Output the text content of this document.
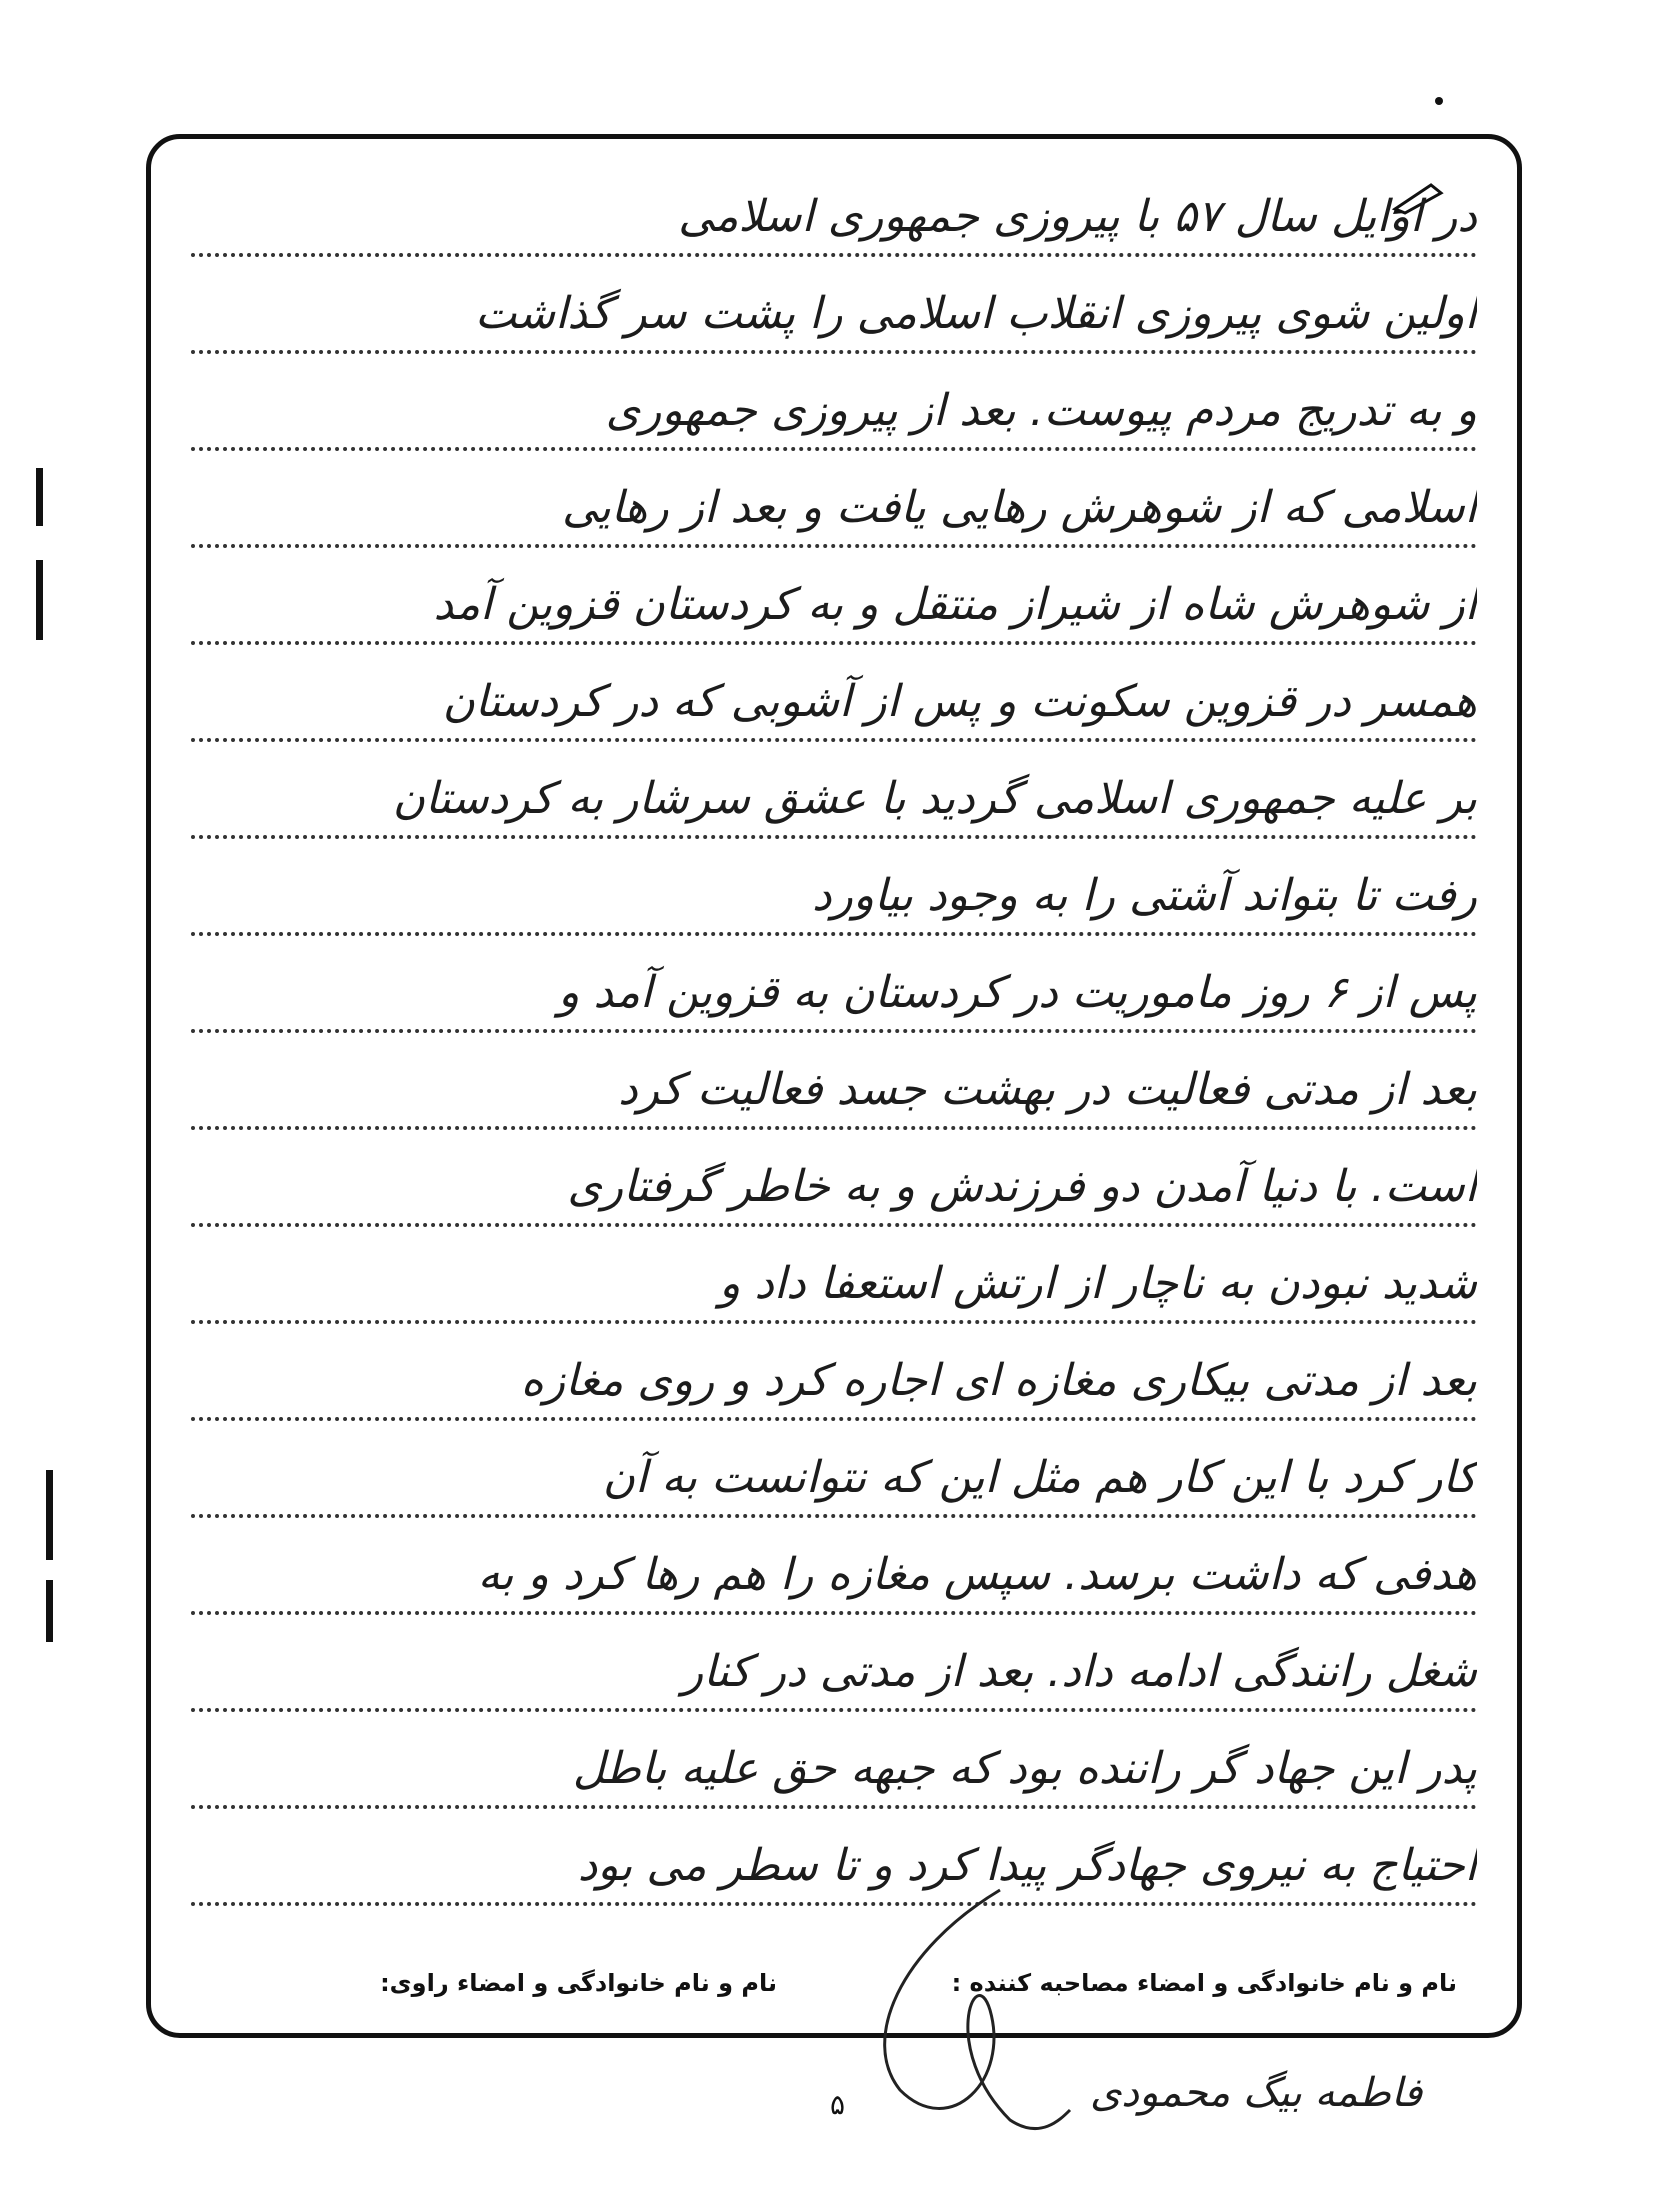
در اوایل سال ۵۷ با پیروزی جمهوری اسلامی
اولین شوی پیروزی انقلاب اسلامی را پشت سر گذاشت
و به تدریج مردم پیوست. بعد از پیروزی جمهوری
اسلامی که از شوهرش رهایی یافت و بعد از رهایی
از شوهرش شاه از شیراز منتقل و به کردستان قزوین آمد
همسر در قزوین سکونت و پس از آشوبی که در کردستان
بر علیه جمهوری اسلامی گردید با عشق سرشار به کردستان
رفت تا بتواند آشتی را به وجود بیاورد
پس از ۶ روز ماموریت در کردستان به قزوین آمد و
بعد از مدتی فعالیت در بهشت جسد فعالیت کرد
است. با دنیا آمدن دو فرزندش و به خاطر گرفتاری
شدید نبودن به ناچار از ارتش استعفا داد و
بعد از مدتی بیکاری مغازه ای اجاره کرد و روی مغازه
کار کرد با این کار هم مثل این که نتوانست به آن
هدفی که داشت برسد. سپس مغازه را هم رها کرد و به
شغل رانندگی ادامه داد. بعد از مدتی در کنار
پدر این جهاد گر راننده بود که جبهه حق علیه باطل
احتیاج به نیروی جهادگر پیدا کرد و تا سطر می بود
نام و نام خانوادگی و امضاء مصاحبه کننده :
نام و نام خانوادگی و امضاء راوی:
۵	فاطمه بیگ محمودی
